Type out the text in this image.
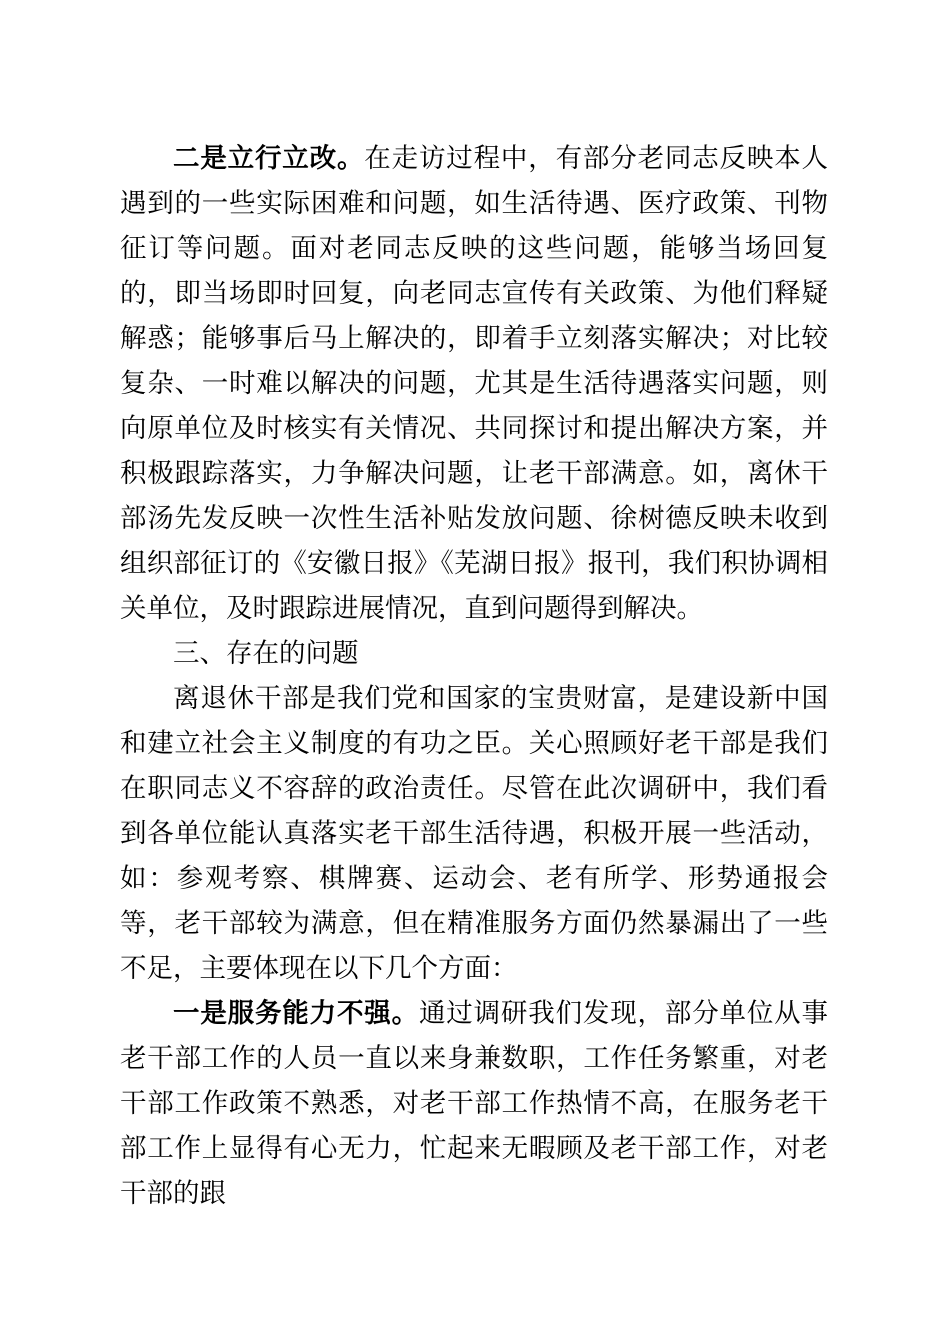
二是立行立改。在走访过程中，有部分老同志反映本人遇到的一些实际困难和问题，如生活待遇、医疗政策、刊物征订等问题。面对老同志反映的这些问题，能够当场回复的，即当场即时回复，向老同志宣传有关政策、为他们释疑解惑；能够事后马上解决的，即着手立刻落实解决；对比较复杂、一时难以解决的问题，尤其是生活待遇落实问题，则向原单位及时核实有关情况、共同探讨和提出解决方案，并积极跟踪落实，力争解决问题，让老干部满意。如，离休干部汤先发反映一次性生活补贴发放问题、徐树德反映未收到组织部征订的《安徽日报》《芜湖日报》报刊，我们积协调相关单位，及时跟踪进展情况，直到问题得到解决。

三、存在的问题

离退休干部是我们党和国家的宝贵财富，是建设新中国和建立社会主义制度的有功之臣。关心照顾好老干部是我们在职同志义不容辞的政治责任。尽管在此次调研中，我们看到各单位能认真落实老干部生活待遇，积极开展一些活动，如：参观考察、棋牌赛、运动会、老有所学、形势通报会等，老干部较为满意，但在精准服务方面仍然暴漏出了一些不足，主要体现在以下几个方面：

一是服务能力不强。通过调研我们发现，部分单位从事老干部工作的人员一直以来身兼数职，工作任务繁重，对老干部工作政策不熟悉，对老干部工作热情不高，在服务老干部工作上显得有心无力，忙起来无暇顾及老干部工作，对老干部的跟
